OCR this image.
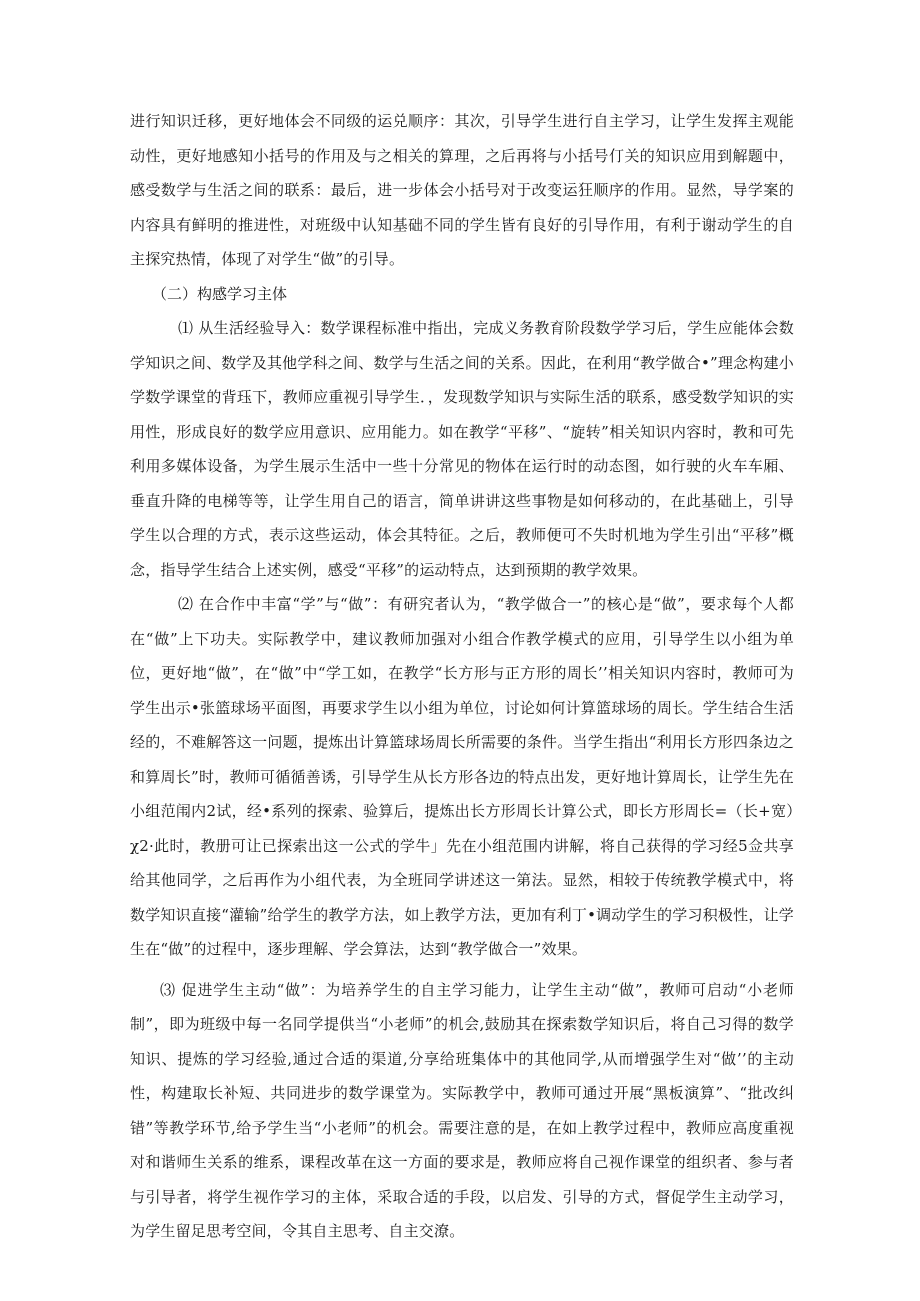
进行知识迁移，更好地体会不同级的运兑顺序：其次，引导学生进行自主学习，让学生发挥主观能动性，更好地感知小括号的作用及与之相关的算理，之后再将与小括号仃关的知识应用到解题中，感受数学与生活之间的联系：最后，进一步体会小括号对于改变运狂顺序的作用。显然，导学案的内容具有鲜明的推进性，对班级中认知基础不同的学生皆有良好的引导作用，有利于谢动学生的自主探究热情，体现了对学生“做”的引导。

（二）构感学习主体

⑴ 从生活经验导入：数学课程标准中指出，完成义务教育阶段数学学习后，学生应能体会数学知识之间、数学及其他学科之间、数学与生活之间的关系。因此，在利用“教学做合•”理念构建小学数学课堂的背珏下，教师应重视引导学生．，发现数学知识与实际生活的联系，感受数学知识的实用性，形成良好的数学应用意识、应用能力。如在教学“平移”、“旋转”相关知识内容时，教和可先利用多媒体设备，为学生展示生活中一些十分常见的物体在运行时的动态图，如行驶的火车车厢、垂直升降的电梯等等，让学生用自己的语言，简单讲讲这些事物是如何移动的，在此基础上，引导学生以合理的方式，表示这些运动，体会其特征。之后，教师便可不失时机地为学生引出“平移”概念，指导学生结合上述实例，感受“平移”的运动特点，达到预期的教学效果。

⑵ 在合作中丰富“学”与“做”：有研究者认为，“教学做合一”的核心是“做”，要求每个人都在“做”上下功夫。实际教学中，建议教师加强对小组合作教学模式的应用，引导学生以小组为单位，更好地“做”，在“做”中“学工如，在教学“长方形与正方形的周长’’相关知识内容时，教师可为学生出示•张篮球场平面图，再要求学生以小组为单位，讨论如何计算篮球场的周长。学生结合生活经的，不难解答这一问题，提炼出计算篮球场周长所需要的条件。当学生指出“利用长方形四条边之和算周长”时，教师可循循善诱，引导学生从长方形各边的特点出发，更好地计算周长，让学生先在小组范闱内2试，经•系列的探索、验算后，提炼出长方形周长计算公式，即长方形周长=（长+宽）χ2·此时，教册可让已探索出这一公式的学牛」先在小组范围内讲解，将自己获得的学习经5佥共享给其他同学，之后再作为小组代表，为全班同学讲述这一第法。显然，相较于传统教学模式中，将数学知识直接“灌输”给学生的教学方法，如上教学方法，更加有利丁•调动学生的学习积极性，让学生在“做”的过程中，逐步理解、学会算法，达到“教学做合一”效果。

⑶ 促进学生主动“做”：为培养学生的自主学习能力，让学生主动“做”，教师可启动“小老师制”，即为班级中每一名同学提供当“小老师”的机会,鼓励其在探索数学知识后，将自己习得的数学知识、提炼的学习经验,通过合适的渠道,分享给班集体中的其他同学,从而增强学生对“做’’的主动性，构建取长补短、共同进步的数学课堂为。实际教学中，教师可通过开展“黑板演算”、“批改纠错”等教学环节,给予学生当“小老师”的机会。需要注意的是，在如上教学过程中，教师应高度重视对和谐师生关系的维系，课程改革在这一方面的要求是，教师应将自己视作课堂的组织者、参与者与引导者，将学生视作学习的主体，采取合适的手段，以启发、引导的方式，督促学生主动学习，为学生留足思考空间，令其自主思考、自主交潦。
